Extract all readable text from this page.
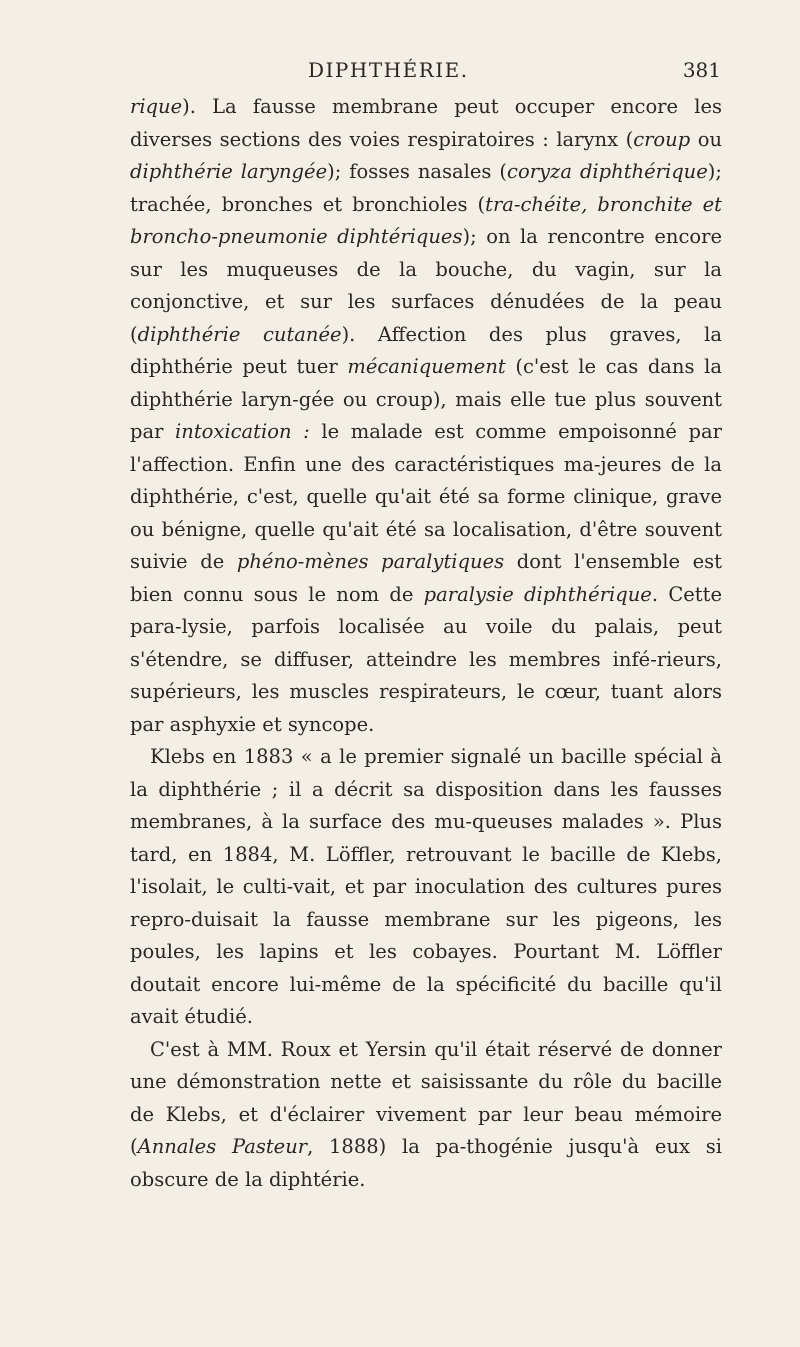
DIPHTHÉRIE.	381

rique). La fausse membrane peut occuper encore les diverses sections des voies respiratoires : larynx (croup ou diphthérie laryngée); fosses nasales (coryza diphthérique); trachée, bronches et bronchioles (tra-chéite, bronchite et broncho-pneumonie diphtériques); on la rencontre encore sur les muqueuses de la bouche, du vagin, sur la conjonctive, et sur les surfaces dénudées de la peau (diphthérie cutanée). Affection des plus graves, la diphthérie peut tuer mécaniquement (c'est le cas dans la diphthérie laryn-gée ou croup), mais elle tue plus souvent par intoxication : le malade est comme empoisonné par l'affection. Enfin une des caractéristiques ma-jeures de la diphthérie, c'est, quelle qu'ait été sa forme clinique, grave ou bénigne, quelle qu'ait été sa localisation, d'être souvent suivie de phéno-mènes paralytiques dont l'ensemble est bien connu sous le nom de paralysie diphthérique. Cette para-lysie, parfois localisée au voile du palais, peut s'étendre, se diffuser, atteindre les membres infé-rieurs, supérieurs, les muscles respirateurs, le cœur, tuant alors par asphyxie et syncope.

Klebs en 1883 « a le premier signalé un bacille spécial à la diphthérie ; il a décrit sa disposition dans les fausses membranes, à la surface des mu-queuses malades ». Plus tard, en 1884, M. Löffler, retrouvant le bacille de Klebs, l'isolait, le culti-vait, et par inoculation des cultures pures repro-duisait la fausse membrane sur les pigeons, les poules, les lapins et les cobayes. Pourtant M. Löffler doutait encore lui-même de la spécificité du bacille qu'il avait étudié.

C'est à MM. Roux et Yersin qu'il était réservé de donner une démonstration nette et saisissante du rôle du bacille de Klebs, et d'éclairer vivement par leur beau mémoire (Annales Pasteur, 1888) la pa-thogénie jusqu'à eux si obscure de la diphtérie.
